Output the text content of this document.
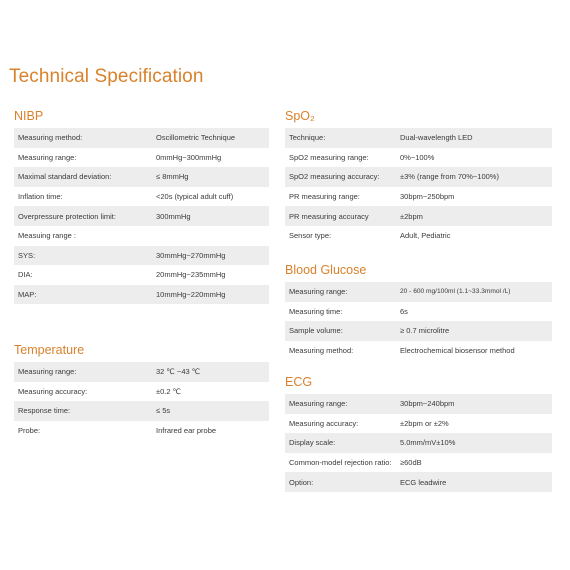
Technical Specification
NIBP
Measuring method:	Oscillometric Technique
Measuring range:	0mmHg~300mmHg
Maximal standard deviation:	≤ 8mmHg
Inflation time:	<20s (typical adult cuff)
Overpressure protection limit:	300mmHg
Measuing range :
SYS:	30mmHg~270mmHg
DIA:	20mmHg~235mmHg
MAP:	10mmHg~220mmHg
Temperature
Measuring range:	32 ℃ ~43 ℃
Measuring accuracy:	±0.2 ℃
Response time:	≤ 5s
Probe:	Infrared ear probe
SpO₂
Technique:	Dual-wavelength LED
SpO2 measuring range:	0%~100%
SpO2 measuring accuracy:	±3% (range from 70%~100%)
PR measuring range:	30bpm~250bpm
PR measuring accuracy	±2bpm
Sensor type:	Adult, Pediatric
Blood Glucose
Measuring range:	20 - 600 mg/100ml (1.1~33.3mmol /L)
Measuring time:	6s
Sample volume:	≥ 0.7 microlitre
Measuring method:	Electrochemical biosensor method
ECG
Measuring range:	30bpm~240bpm
Measuring accuracy:	±2bpm or ±2%
Display scale:	5.0mm/mV±10%
Common-model rejection ratio:	≥60dB
Option:	ECG leadwire
